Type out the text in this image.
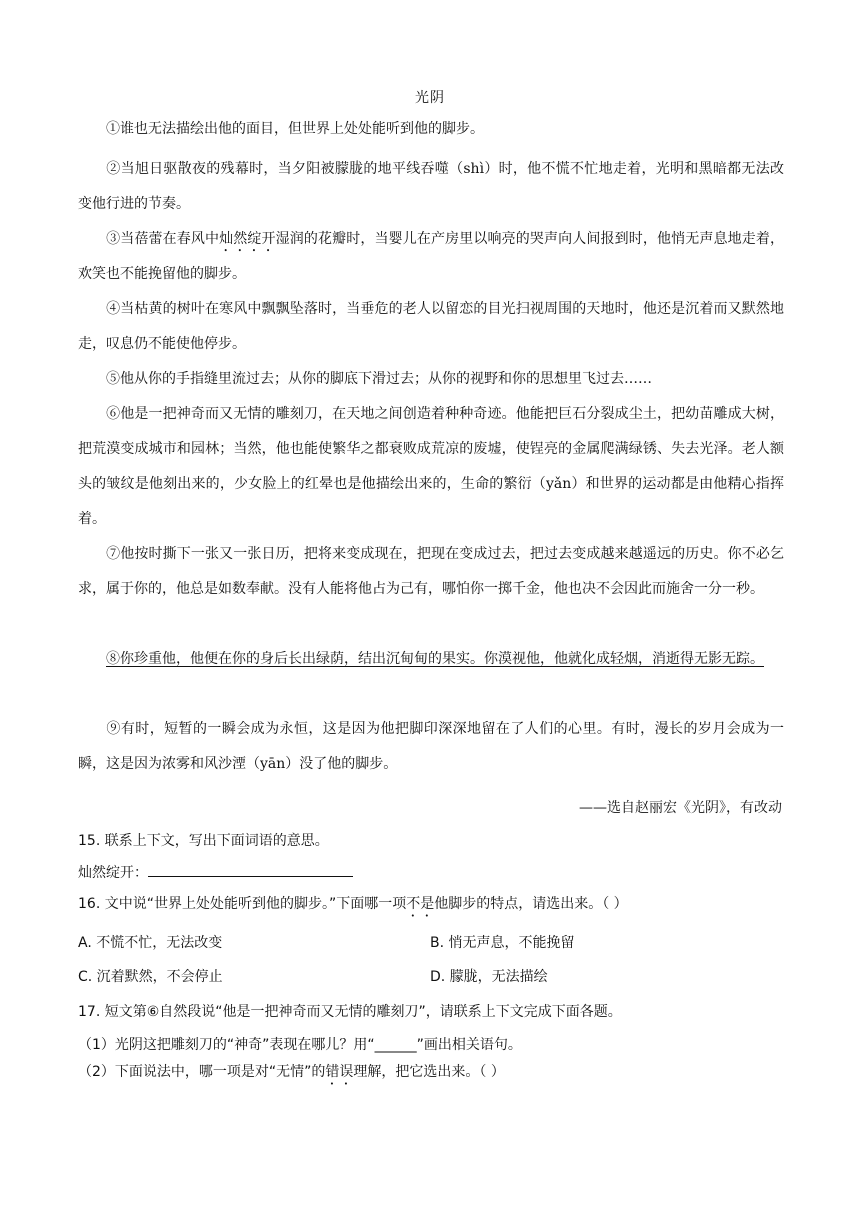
光阴
①谁也无法描绘出他的面目，但世界上处处能听到他的脚步。
②当旭日驱散夜的残幕时，当夕阳被朦胧的地平线吞噬（shì）时，他不慌不忙地走着，光明和黑暗都无法改变他行进的节奏。
③当蓓蕾在春风中灿然绽开湿润的花瓣时，当婴儿在产房里以响亮的哭声向人间报到时，他悄无声息地走着，欢笑也不能挽留他的脚步。
④当枯黄的树叶在寒风中飘飘坠落时，当垂危的老人以留恋的目光扫视周围的天地时，他还是沉着而又默然地走，叹息仍不能使他停步。
⑤他从你的手指缝里流过去；从你的脚底下滑过去；从你的视野和你的思想里飞过去……
⑥他是一把神奇而又无情的雕刻刀，在天地之间创造着种种奇迹。他能把巨石分裂成尘土，把幼苗雕成大树，把荒漠变成城市和园林；当然，他也能使繁华之都衰败成荒凉的废墟，使锃亮的金属爬满绿锈、失去光泽。老人额头的皱纹是他刻出来的，少女脸上的红晕也是他描绘出来的，生命的繁衍（yǎn）和世界的运动都是由他精心指挥着。
⑦他按时撕下一张又一张日历，把将来变成现在，把现在变成过去，把过去变成越来越遥远的历史。你不必乞求，属于你的，他总是如数奉献。没有人能将他占为己有，哪怕你一掷千金，他也决不会因此而施舍一分一秒。
⑧你珍重他，他便在你的身后长出绿荫，结出沉甸甸的果实。你漠视他，他就化成轻烟，消逝得无影无踪。
⑨有时，短暂的一瞬会成为永恒，这是因为他把脚印深深地留在了人们的心里。有时，漫长的岁月会成为一瞬，这是因为浓雾和风沙湮（yān）没了他的脚步。
——选自赵丽宏《光阴》，有改动
15. 联系上下文，写出下面词语的意思。
灿然绽开：
16. 文中说“世界上处处能听到他的脚步。”下面哪一项不是他脚步的特点，请选出来。（ ）
A. 不慌不忙，无法改变	B. 悄无声息，不能挽留
C. 沉着默然，不会停止	D. 朦胧，无法描绘
17. 短文第⑥自然段说“他是一把神奇而又无情的雕刻刀”，请联系上下文完成下面各题。
（1）光阴这把雕刻刀的“神奇”表现在哪儿？用“______”画出相关语句。
（2）下面说法中，哪一项是对“无情”的错误理解，把它选出来。（ ）
